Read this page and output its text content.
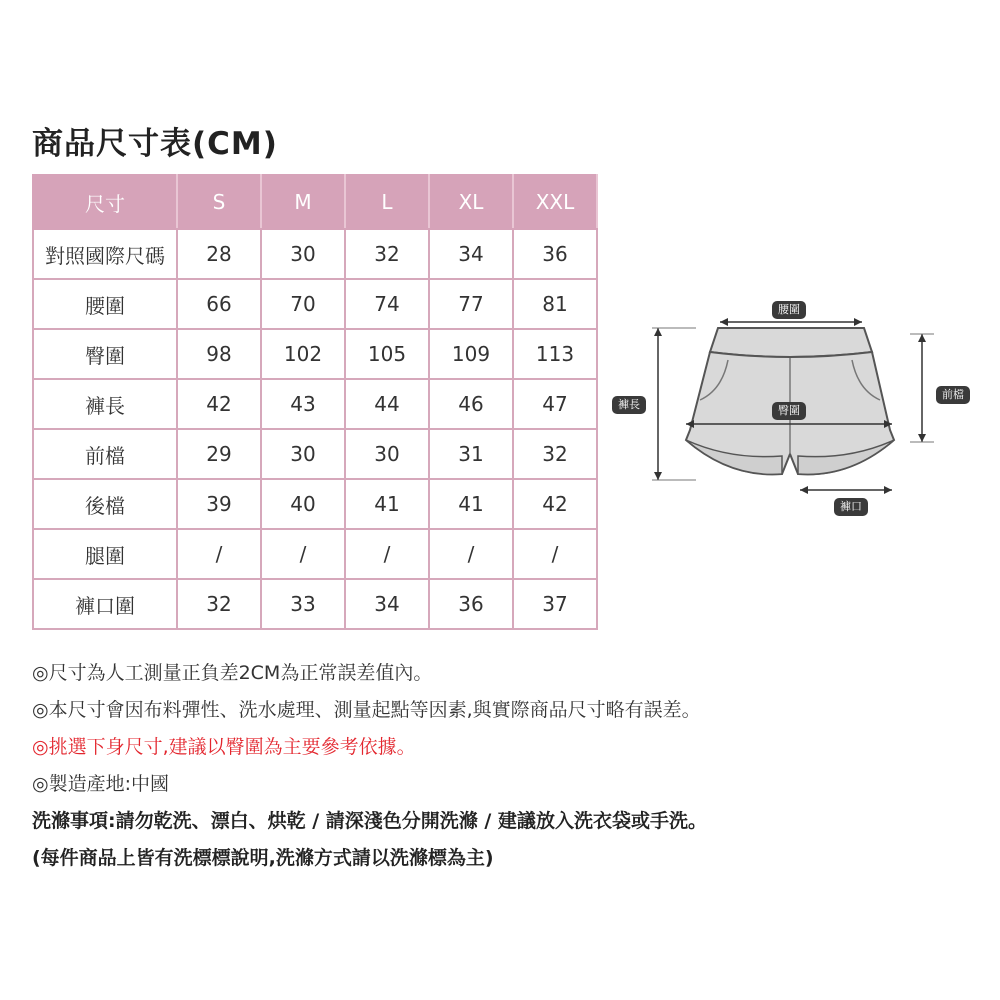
商品尺寸表(CM)
尺寸	S	M	L	XL	XXL
對照國際尺碼	28	30	32	34	36
腰圍	66	70	74	77	81
臀圍	98	102	105	109	113
褲長	42	43	44	46	47
前檔	29	30	30	31	32
後檔	39	40	41	41	42
腿圍	/	/	/	/	/
褲口圍	32	33	34	36	37
腰圍
臀圍
褲長
前檔
褲口

◎尺寸為人工測量正負差2CM為正常誤差值內。

◎本尺寸會因布料彈性、洗水處理、測量起點等因素,與實際商品尺寸略有誤差。

◎挑選下身尺寸,建議以臀圍為主要參考依據。

◎製造產地:中國

洗滌事項:請勿乾洗、漂白、烘乾 / 請深淺色分開洗滌 / 建議放入洗衣袋或手洗。

(每件商品上皆有洗標標說明,洗滌方式請以洗滌標為主)
